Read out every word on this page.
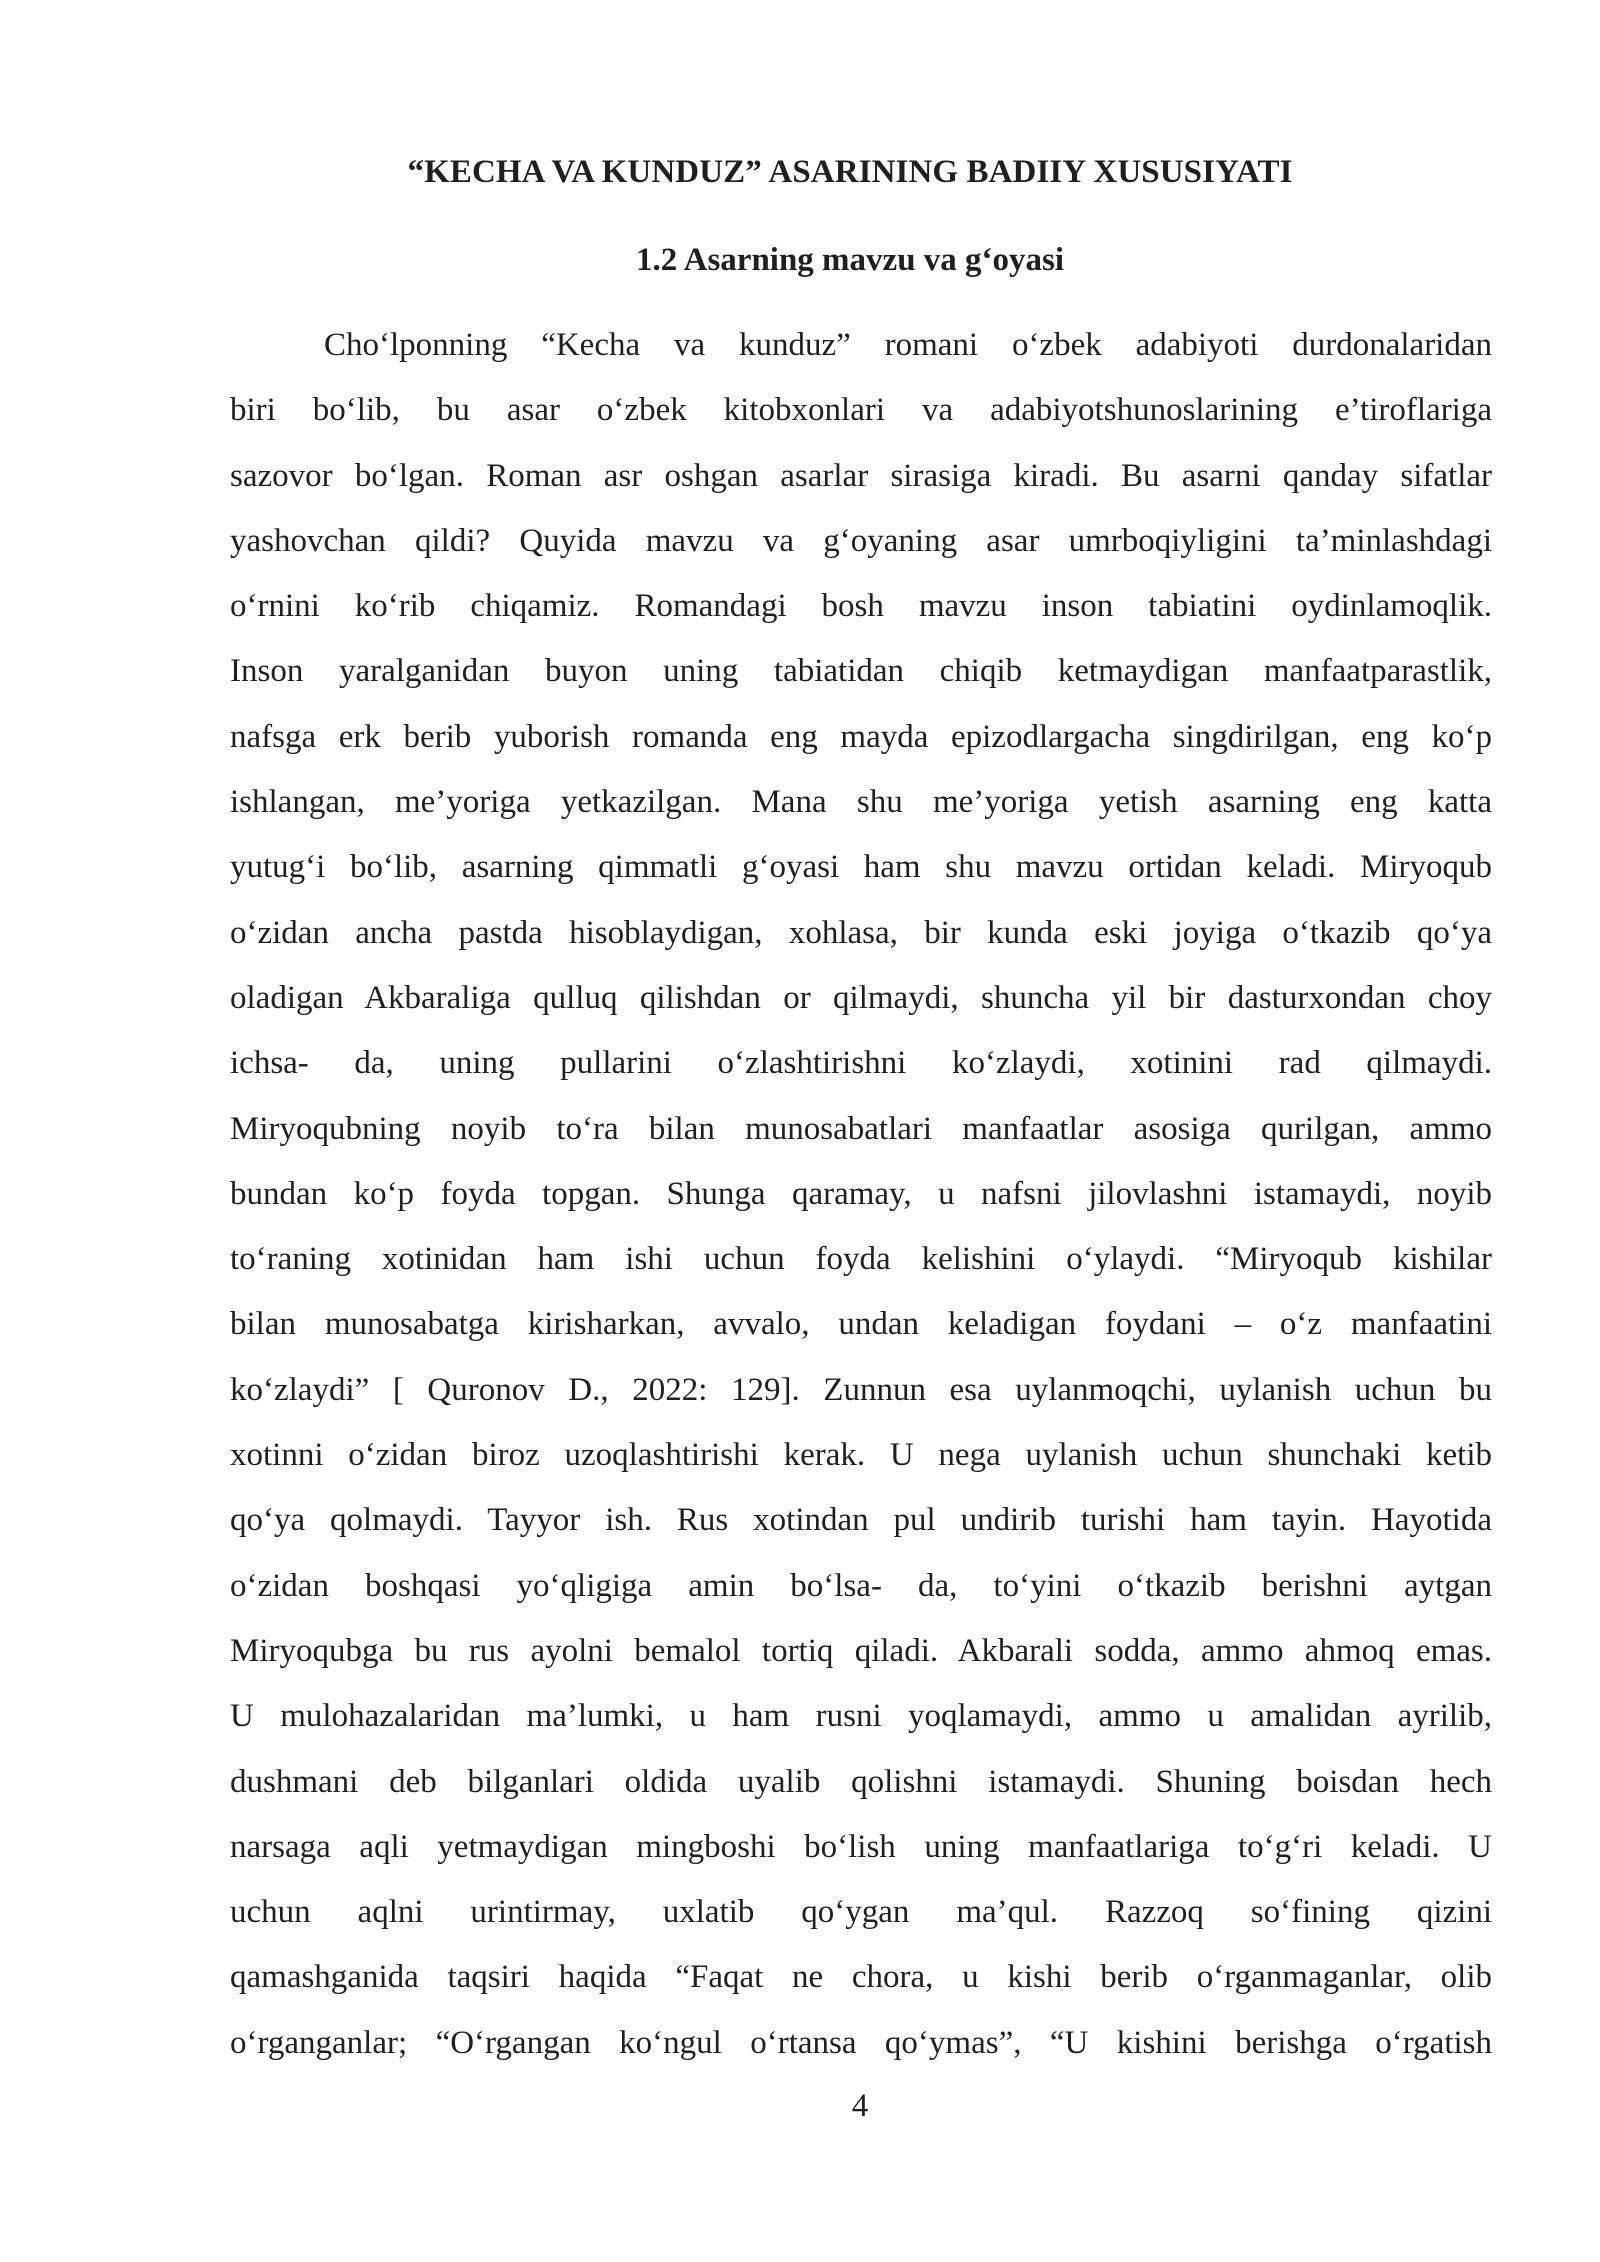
“KECHA VA KUNDUZ” ASARINING BADIIY XUSUSIYATI
1.2 Asarning mavzu va g‘oyasi
Cho‘lponning “Kecha va kunduz” romani o‘zbek adabiyoti durdonalaridan
biri bo‘lib, bu asar o‘zbek kitobxonlari va adabiyotshunoslarining e’tiroflariga
sazovor bo‘lgan. Roman asr oshgan asarlar sirasiga kiradi. Bu asarni qanday sifatlar
yashovchan qildi? Quyida mavzu va g‘oyaning asar umrboqiyligini ta’minlashdagi
o‘rnini ko‘rib chiqamiz. Romandagi bosh mavzu inson tabiatini oydinlamoqlik.
Inson yaralganidan buyon uning tabiatidan chiqib ketmaydigan manfaatparastlik,
nafsga erk berib yuborish romanda eng mayda epizodlargacha singdirilgan, eng ko‘p
ishlangan, me’yoriga yetkazilgan. Mana shu me’yoriga yetish asarning eng katta
yutug‘i bo‘lib, asarning qimmatli g‘oyasi ham shu mavzu ortidan keladi. Miryoqub
o‘zidan ancha pastda hisoblaydigan, xohlasa, bir kunda eski joyiga o‘tkazib qo‘ya
oladigan Akbaraliga qulluq qilishdan or qilmaydi, shuncha yil bir dasturxondan choy
ichsa- da, uning pullarini o‘zlashtirishni ko‘zlaydi, xotinini rad qilmaydi.
Miryoqubning noyib to‘ra bilan munosabatlari manfaatlar asosiga qurilgan, ammo
bundan ko‘p foyda topgan. Shunga qaramay, u nafsni jilovlashni istamaydi, noyib
to‘raning xotinidan ham ishi uchun foyda kelishini o‘ylaydi. “Miryoqub kishilar
bilan munosabatga kirisharkan, avvalo, undan keladigan foydani – o‘z manfaatini
ko‘zlaydi” [ Quronov D., 2022: 129]. Zunnun esa uylanmoqchi, uylanish uchun bu
xotinni o‘zidan biroz uzoqlashtirishi kerak. U nega uylanish uchun shunchaki ketib
qo‘ya qolmaydi. Tayyor ish. Rus xotindan pul undirib turishi ham tayin. Hayotida
o‘zidan boshqasi yo‘qligiga amin bo‘lsa- da, to‘yini o‘tkazib berishni aytgan
Miryoqubga bu rus ayolni bemalol tortiq qiladi. Akbarali sodda, ammo ahmoq emas.
U mulohazalaridan ma’lumki, u ham rusni yoqlamaydi, ammo u amalidan ayrilib,
dushmani deb bilganlari oldida uyalib qolishni istamaydi. Shuning boisdan hech
narsaga aqli yetmaydigan mingboshi bo‘lish uning manfaatlariga to‘g‘ri keladi. U
uchun aqlni urintirmay, uxlatib qo‘ygan ma’qul. Razzoq so‘fining qizini
qamashganida taqsiri haqida “Faqat ne chora, u kishi berib o‘rganmaganlar, olib
o‘rganganlar; “O‘rgangan ko‘ngul o‘rtansa qo‘ymas”, “U kishini berishga o‘rgatish
4
